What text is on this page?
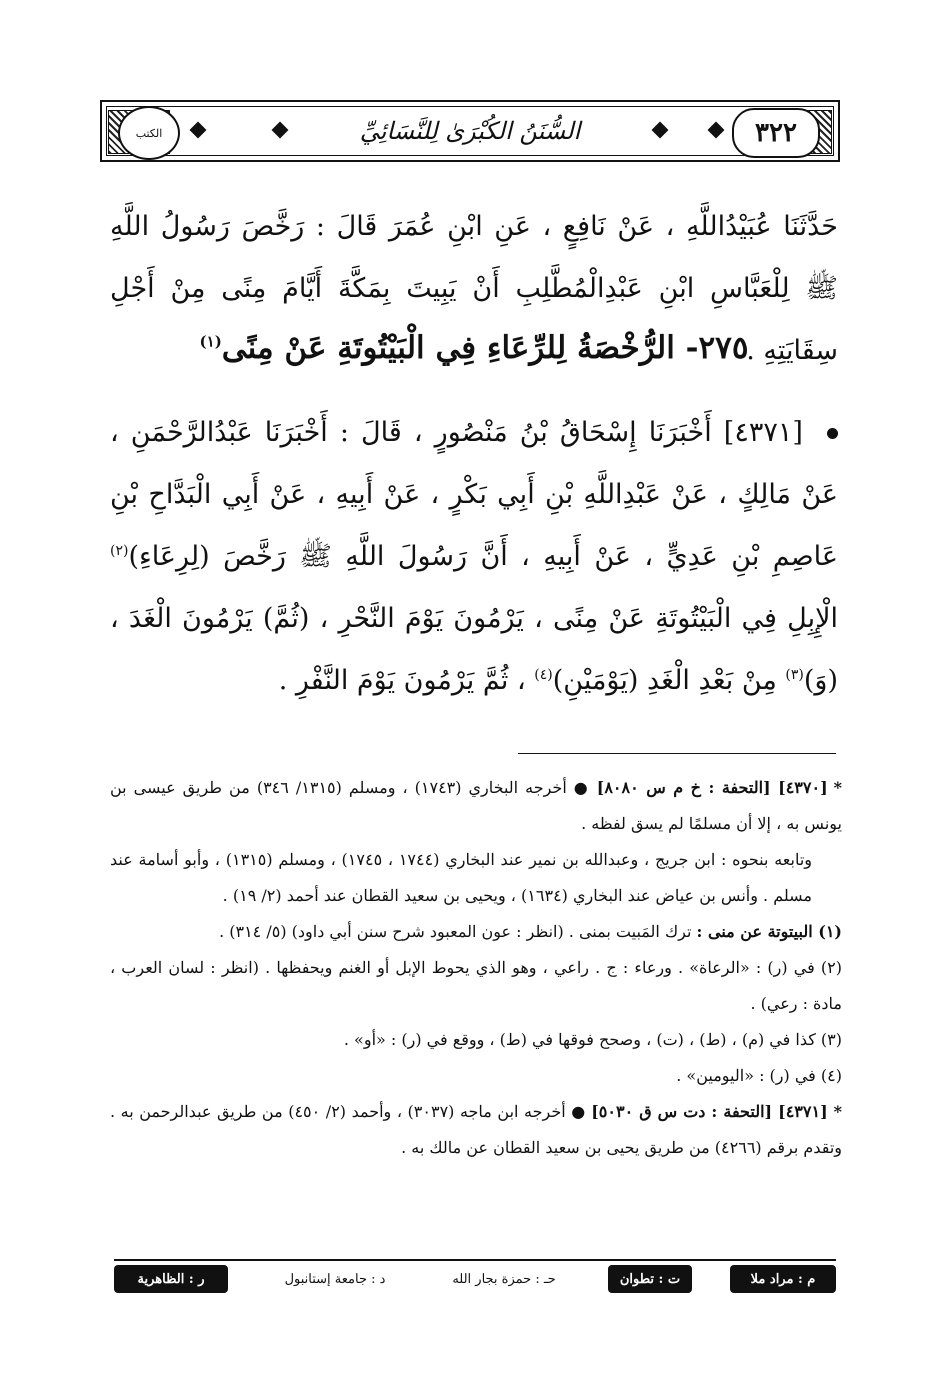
الكتب	السُّنَنُ الكُبْرَىٰ لِلنَّسَائِيِّ	٣٢٢
حَدَّثَنَا عُبَيْدُاللَّهِ ، عَنْ نَافِعٍ ، عَنِ ابْنِ عُمَرَ قَالَ : رَخَّصَ رَسُولُ اللَّهِ ﷺ لِلْعَبَّاسِ ابْنِ عَبْدِالْمُطَّلِبِ أَنْ يَبِيتَ بِمَكَّةَ أَيَّامَ مِنًى مِنْ أَجْلِ سِقَايَتِهِ .
٢٧٥- الرُّخْصَةُ لِلرِّعَاءِ فِي الْبَيْتُوتَةِ عَنْ مِنًى$^{(١)}$
[٤٣٧١] أَخْبَرَنَا إِسْحَاقُ بْنُ مَنْصُورٍ ، قَالَ : أَخْبَرَنَا عَبْدُالرَّحْمَنِ ، عَنْ مَالِكٍ ، عَنْ عَبْدِاللَّهِ بْنِ أَبِي بَكْرٍ ، عَنْ أَبِيهِ ، عَنْ أَبِي الْبَدَّاحِ بْنِ عَاصِمِ بْنِ عَدِيٍّ ، عَنْ أَبِيهِ ، أَنَّ رَسُولَ اللَّهِ ﷺ رَخَّصَ (لِرِعَاءِ)$^{(٢)}$ الْإِبِلِ فِي الْبَيْتُوتَةِ عَنْ مِنًى ، يَرْمُونَ يَوْمَ النَّحْرِ ، (ثُمَّ) يَرْمُونَ الْغَدَ ، (وَ)$^{(٣)}$ مِنْ بَعْدِ الْغَدِ (يَوْمَيْنِ)$^{(٤)}$ ، ثُمَّ يَرْمُونَ يَوْمَ النَّفْرِ .

*[٤٣٧٠] [التحفة : خ م س ٨٠٨٠] ● أخرجه البخاري (١٧٤٣) ، ومسلم (١٣١٥/ ٣٤٦) من طريق عيسى بن يونس به ، إلا أن مسلمًا لم يسق لفظه .

وتابعه بنحوه : ابن جريج ، وعبدالله بن نمير عند البخاري (١٧٤٤ ، ١٧٤٥) ، ومسلم (١٣١٥) ، وأبو أسامة عند مسلم . وأنس بن عياض عند البخاري (١٦٣٤) ، ويحيى بن سعيد القطان عند أحمد (٢/ ١٩) .

(١) البيتوتة عن منى : ترك المَبيت بمنى . (انظر : عون المعبود شرح سنن أبي داود) (٥/ ٣١٤) .

(٢) في (ر) : «الرعاة» . ورعاء : ج . راعي ، وهو الذي يحوط الإبل أو الغنم ويحفظها . (انظر : لسان العرب ، مادة : رعي) .

(٣) كذا في (م) ، (ط) ، (ت) ، وصحح فوقها في (ط) ، ووقع في (ر) : «أو» .

(٤) في (ر) : «اليومين» .

*[٤٣٧١] [التحفة : دت س ق ٥٠٣٠] ● أخرجه ابن ماجه (٣٠٣٧) ، وأحمد (٢/ ٤٥٠) من طريق عبدالرحمن به . وتقدم برقم (٤٢٦٦) من طريق يحيى بن سعيد القطان عن مالك به .

م : مراد ملا
ت : تطوان
حـ : حمزة بجار الله
د : جامعة إستانبول
ر : الظاهرية
